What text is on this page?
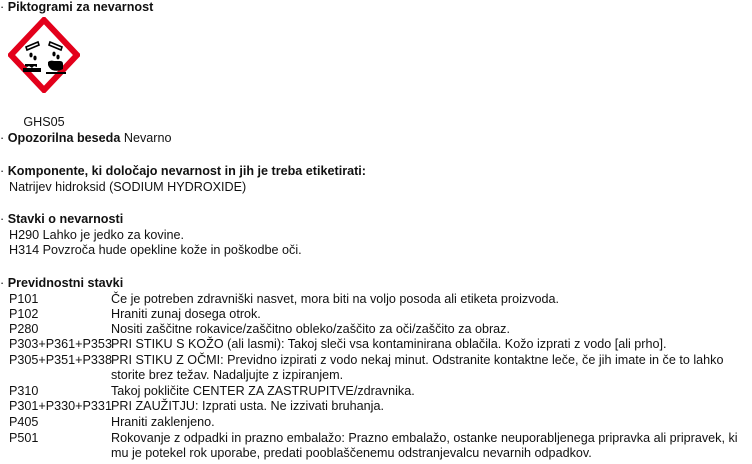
· Piktogrami za nevarnost
GHS05
· Opozorilna beseda Nevarno
· Komponente, ki določajo nevarnost in jih je treba etiketirati:
Natrijev hidroksid (SODIUM HYDROXIDE)
· Stavki o nevarnosti
H290 Lahko je jedko za kovine.
H314 Povzroča hude opekline kože in poškodbe oči.
· Previdnostni stavki
P101	Če je potreben zdravniški nasvet, mora biti na voljo posoda ali etiketa proizvoda.
P102	Hraniti zunaj dosega otrok.
P280	Nositi zaščitne rokavice/zaščitno obleko/zaščito za oči/zaščito za obraz.
P303+P361+P353 PRI STIKU S KOŽO (ali lasmi): Takoj sleči vsa kontaminirana oblačila. Kožo izprati z vodo [ali prho].
P305+P351+P338 PRI STIKU Z OČMI: Previdno izpirati z vodo nekaj minut. Odstranite kontaktne leče, če jih imate in če to lahko storite brez težav. Nadaljujte z izpiranjem.
P310	Takoj pokličite CENTER ZA ZASTRUPITVE/zdravnika.
P301+P330+P331 PRI ZAUŽITJU: Izprati usta. Ne izzivati bruhanja.
P405	Hraniti zaklenjeno.
P501	Rokovanje z odpadki in prazno embalažo: Prazno embalažo, ostanke neuporabljenega pripravka ali pripravek, ki mu je potekel rok uporabe, predati pooblaščenemu odstranjevalcu nevarnih odpadkov.
